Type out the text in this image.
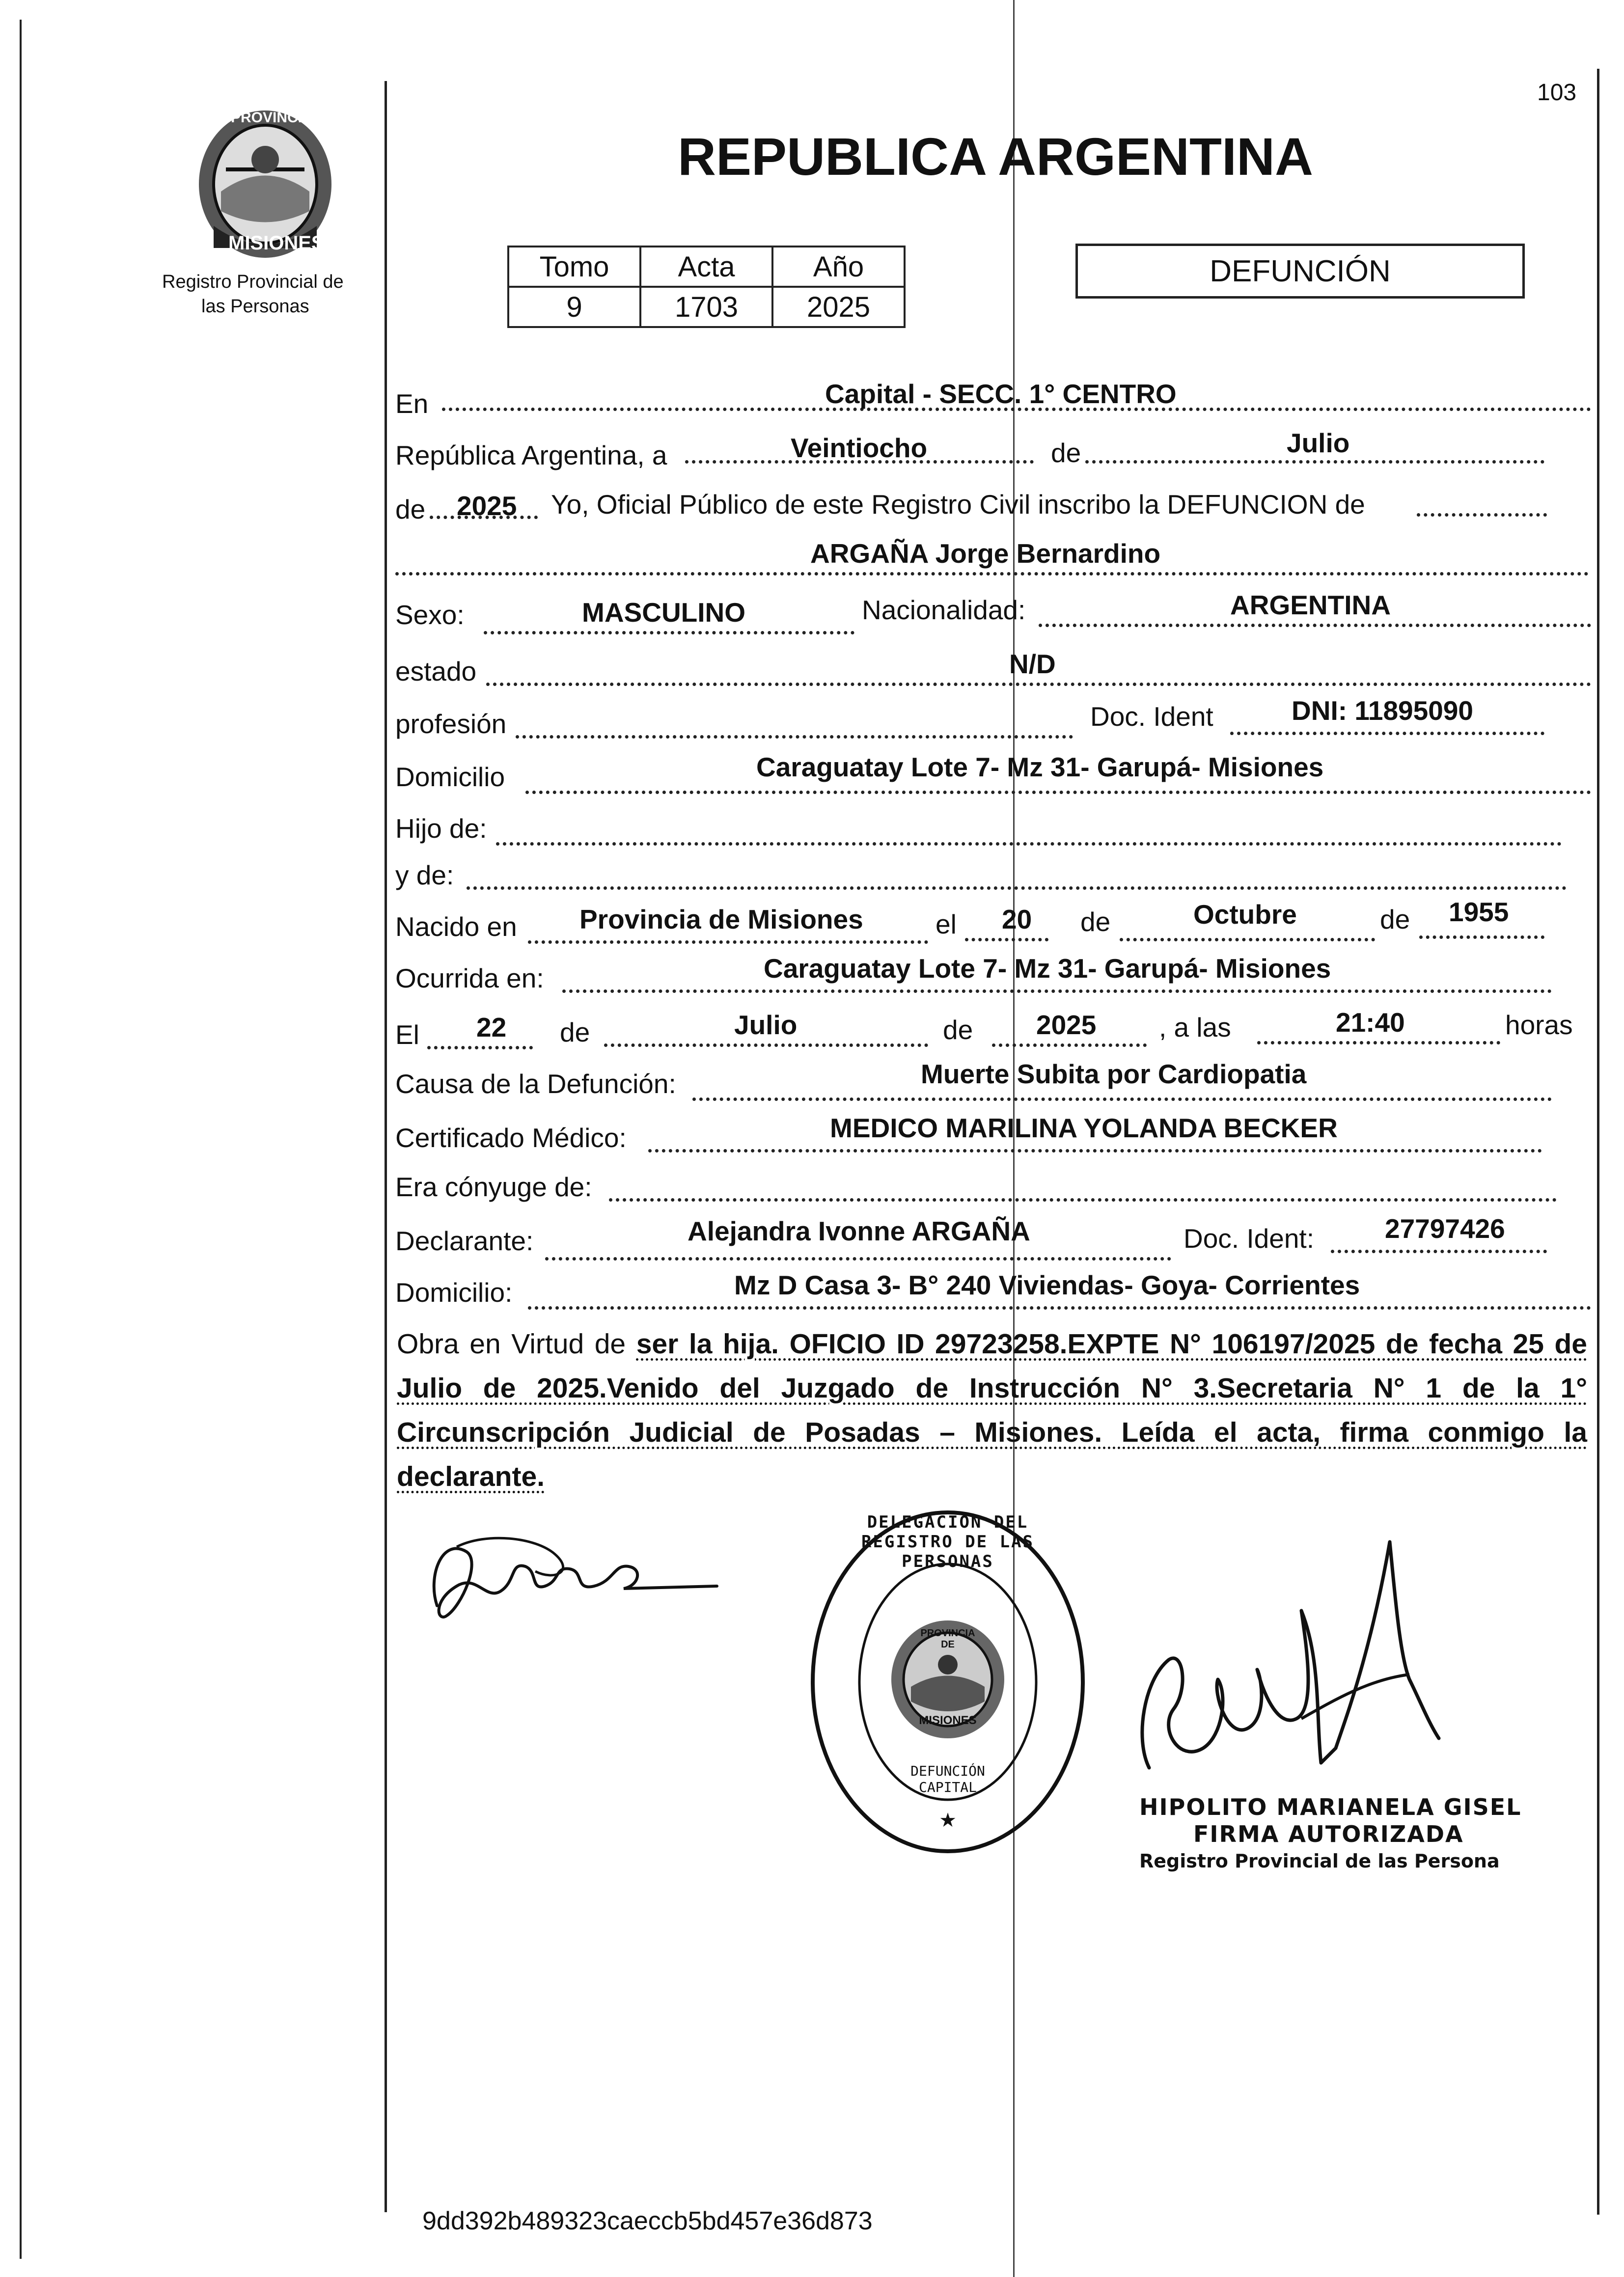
103
PROVINCIA DE
MISIONES
Registro Provincial de
las Personas
REPUBLICA ARGENTINA
Tomo	Acta	Año
9	1703	2025
DEFUNCIÓN
En	Capital - SECC. 1° CENTRO
República Argentina, a	Veintiocho	de	Julio
de 2025 Yo, Oficial Público de este Registro Civil inscribo la DEFUNCION de
ARGAÑA Jorge Bernardino
Sexo:	MASCULINO	Nacionalidad:	ARGENTINA
estado	N/D
profesión	Doc. Ident	DNI: 11895090
Domicilio	Caraguatay Lote 7- Mz 31- Garupá- Misiones
Hijo de:
y de:
Nacido en Provincia de Misiones	el 20 de	Octubre	de 1955
Ocurrida en:	Caraguatay Lote 7- Mz 31- Garupá- Misiones
El 22 de	Julio	de 2025 , a las	21:40	horas
Causa de la Defunción:	Muerte Subita por Cardiopatia
Certificado Médico:	MEDICO MARILINA YOLANDA BECKER
Era cónyuge de:
Declarante:	Alejandra Ivonne ARGAÑA	Doc. Ident:	27797426
Domicilio:	Mz D Casa 3- B° 240 Viviendas- Goya- Corrientes
Obra en Virtud de ser la hija. OFICIO ID 29723258.EXPTE N° 106197/2025 de fecha 25 de Julio de 2025.Venido del Juzgado de Instrucción N° 3.Secretaria N° 1 de la 1° Circunscripción Judicial de Posadas – Misiones. Leída el acta, firma conmigo la declarante.
★
DELEGACIÓN DEL REGISTRO DE LAS PERSONAS
PROVINCIA DE
MISIONES
DEFUNCIÓN CAPITAL
HIPOLITO MARIANELA GISEL
FIRMA AUTORIZADA
Registro Provincial de las Persona
9dd392b489323caeccb5bd457e36d873
